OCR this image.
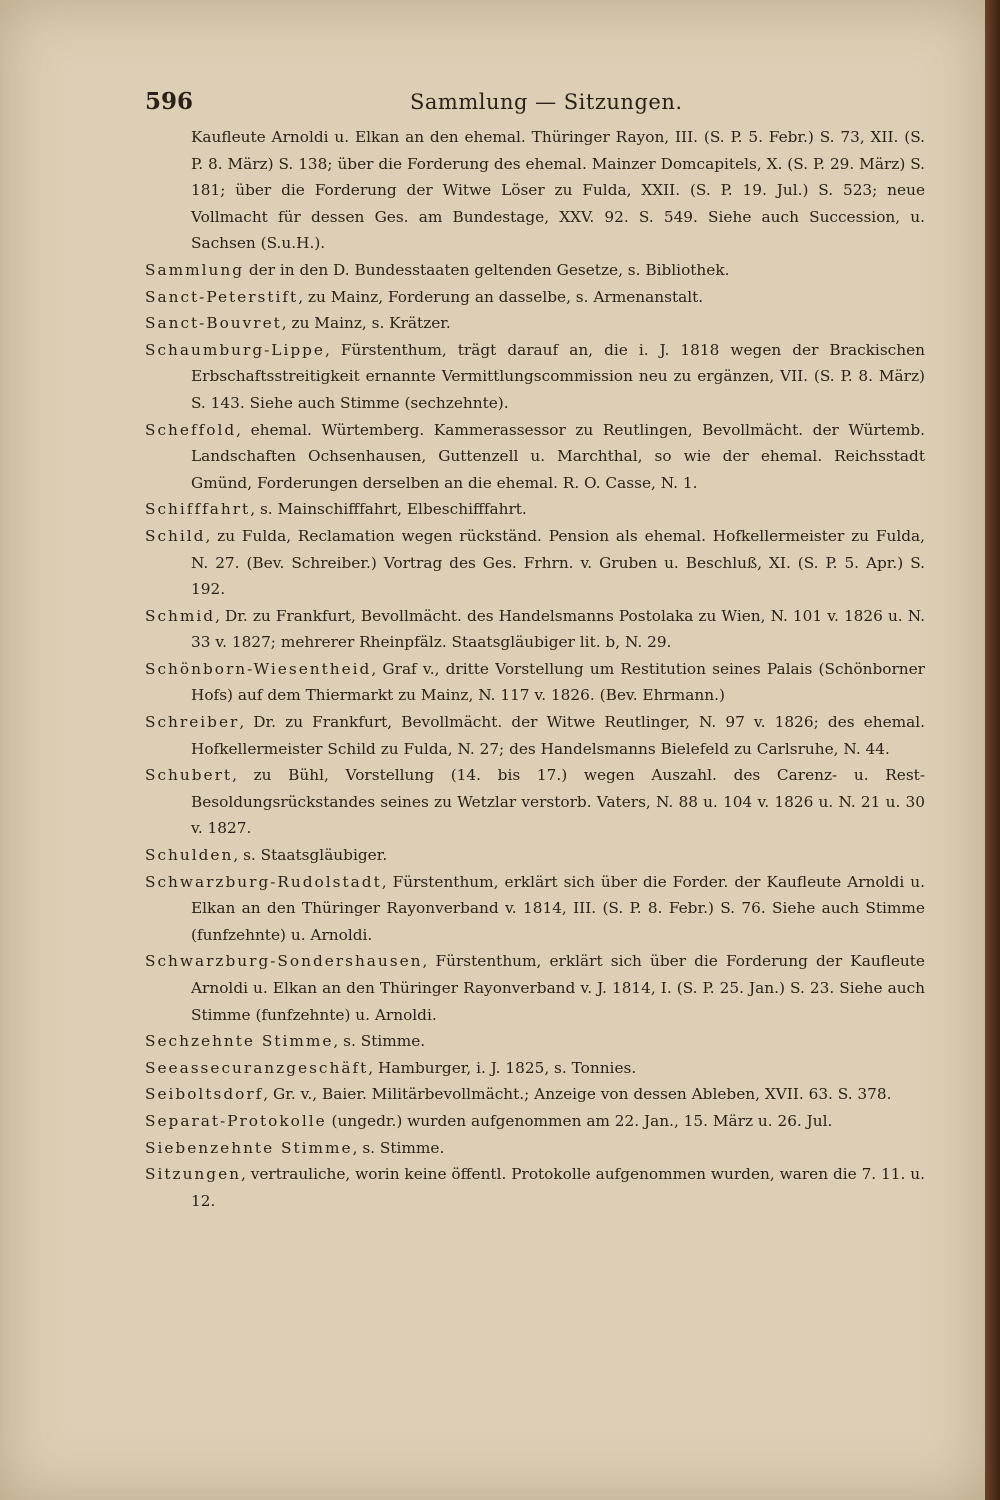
596	Sammlung — Sitzungen.

Kaufleute Arnoldi u. Elkan an den ehemal. Thüringer Rayon, III. (S. P. 5. Febr.) S. 73, XII. (S. P. 8. März) S. 138; über die Forderung des ehemal. Mainzer Domcapitels, X. (S. P. 29. März) S. 181; über die Forderung der Witwe Löser zu Fulda, XXII. (S. P. 19. Jul.) S. 523; neue Vollmacht für dessen Ges. am Bundestage, XXV. 92. S. 549. Siehe auch Succession, u. Sachsen (S.u.H.).

Sammlung der in den D. Bundesstaaten geltenden Gesetze, s. Bibliothek.

Sanct-Peterstift, zu Mainz, Forderung an dasselbe, s. Armenanstalt.

Sanct-Bouvret, zu Mainz, s. Krätzer.

Schaumburg-Lippe, Fürstenthum, trägt darauf an, die i. J. 1818 wegen der Brackischen Erbschaftsstreitigkeit ernannte Vermittlungscommission neu zu ergänzen, VII. (S. P. 8. März) S. 143. Siehe auch Stimme (sechzehnte).

Scheffold, ehemal. Würtemberg. Kammerassessor zu Reutlingen, Bevollmächt. der Würtemb. Landschaften Ochsenhausen, Guttenzell u. Marchthal, so wie der ehemal. Reichsstadt Gmünd, Forderungen derselben an die ehemal. R. O. Casse, N. 1.

Schifffahrt, s. Mainschifffahrt, Elbeschifffahrt.

Schild, zu Fulda, Reclamation wegen rückständ. Pension als ehemal. Hofkellermeister zu Fulda, N. 27. (Bev. Schreiber.) Vortrag des Ges. Frhrn. v. Gruben u. Beschluß, XI. (S. P. 5. Apr.) S. 192.

Schmid, Dr. zu Frankfurt, Bevollmächt. des Handelsmanns Postolaka zu Wien, N. 101 v. 1826 u. N. 33 v. 1827; mehrerer Rheinpfälz. Staatsgläubiger lit. b, N. 29.

Schönborn-Wiesentheid, Graf v., dritte Vorstellung um Restitution seines Palais (Schönborner Hofs) auf dem Thiermarkt zu Mainz, N. 117 v. 1826. (Bev. Ehrmann.)

Schreiber, Dr. zu Frankfurt, Bevollmächt. der Witwe Reutlinger, N. 97 v. 1826; des ehemal. Hofkellermeister Schild zu Fulda, N. 27; des Handelsmanns Bielefeld zu Carlsruhe, N. 44.

Schubert, zu Bühl, Vorstellung (14. bis 17.) wegen Auszahl. des Carenz- u. Rest-Besoldungsrückstandes seines zu Wetzlar verstorb. Vaters, N. 88 u. 104 v. 1826 u. N. 21 u. 30 v. 1827.

Schulden, s. Staatsgläubiger.

Schwarzburg-Rudolstadt, Fürstenthum, erklärt sich über die Forder. der Kaufleute Arnoldi u. Elkan an den Thüringer Rayonverband v. 1814, III. (S. P. 8. Febr.) S. 76. Siehe auch Stimme (funfzehnte) u. Arnoldi.

Schwarzburg-Sondershausen, Fürstenthum, erklärt sich über die Forderung der Kaufleute Arnoldi u. Elkan an den Thüringer Rayonverband v. J. 1814, I. (S. P. 25. Jan.) S. 23. Siehe auch Stimme (funfzehnte) u. Arnoldi.

Sechzehnte Stimme, s. Stimme.

Seeassecuranzgeschäft, Hamburger, i. J. 1825, s. Tonnies.

Seiboltsdorf, Gr. v., Baier. Militärbevollmächt.; Anzeige von dessen Ableben, XVII. 63. S. 378.

Separat-Protokolle (ungedr.) wurden aufgenommen am 22. Jan., 15. März u. 26. Jul.

Siebenzehnte Stimme, s. Stimme.

Sitzungen, vertrauliche, worin keine öffentl. Protokolle aufgenommen wurden, waren die 7. 11. u. 12.
